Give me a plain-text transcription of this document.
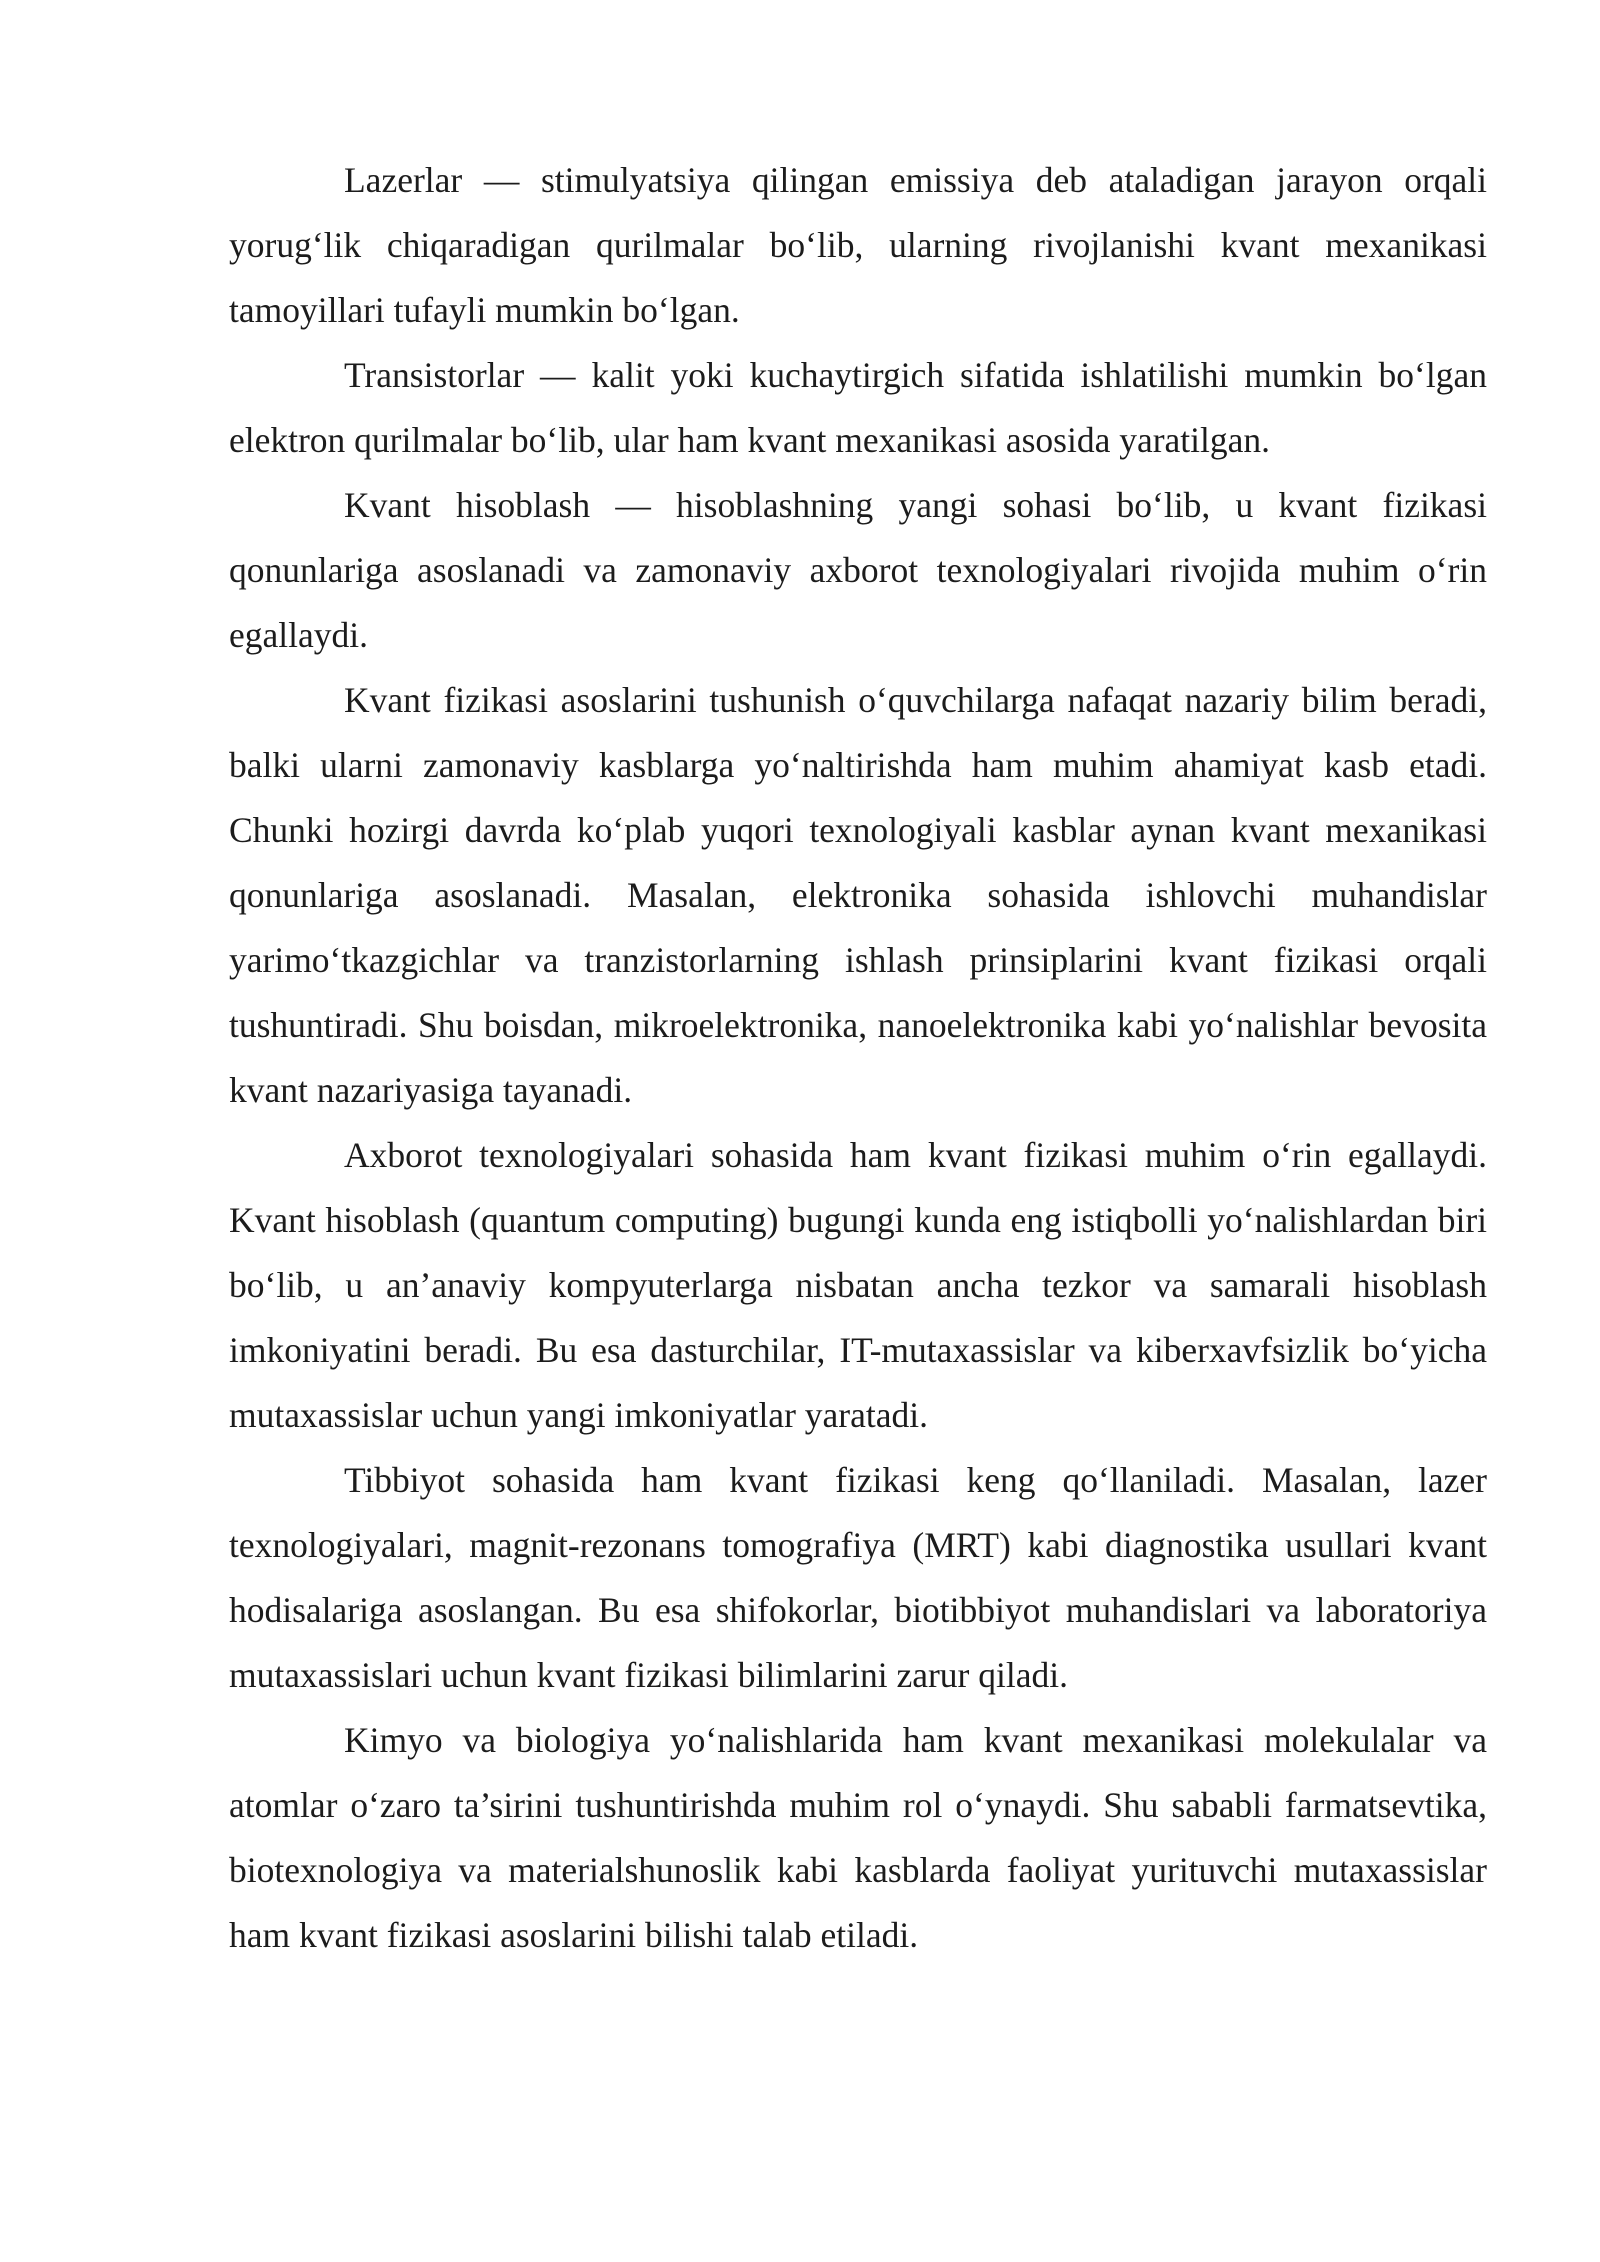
Lazerlar — stimulyatsiya qilingan emissiya deb ataladigan jarayon orqali yorug‘lik chiqaradigan qurilmalar bo‘lib, ularning rivojlanishi kvant mexanikasi tamoyillari tufayli mumkin bo‘lgan.

Transistorlar — kalit yoki kuchaytirgich sifatida ishlatilishi mumkin bo‘lgan elektron qurilmalar bo‘lib, ular ham kvant mexanikasi asosida yaratilgan.

Kvant hisoblash — hisoblashning yangi sohasi bo‘lib, u kvant fizikasi qonunlariga asoslanadi va zamonaviy axborot texnologiyalari rivojida muhim o‘rin egallaydi.

Kvant fizikasi asoslarini tushunish o‘quvchilarga nafaqat nazariy bilim beradi, balki ularni zamonaviy kasblarga yo‘naltirishda ham muhim ahamiyat kasb etadi. Chunki hozirgi davrda ko‘plab yuqori texnologiyali kasblar aynan kvant mexanikasi qonunlariga asoslanadi. Masalan, elektronika sohasida ishlovchi muhandislar yarimo‘tkazgichlar va tranzistorlarning ishlash prinsiplarini kvant fizikasi orqali tushuntiradi. Shu boisdan, mikroelektronika, nanoelektronika kabi yo‘nalishlar bevosita kvant nazariyasiga tayanadi.

Axborot texnologiyalari sohasida ham kvant fizikasi muhim o‘rin egallaydi. Kvant hisoblash (quantum computing) bugungi kunda eng istiqbolli yo‘nalishlardan biri bo‘lib, u an’anaviy kompyuterlarga nisbatan ancha tezkor va samarali hisoblash imkoniyatini beradi. Bu esa dasturchilar, IT-mutaxassislar va kiberxavfsizlik bo‘yicha mutaxassislar uchun yangi imkoniyatlar yaratadi.

Tibbiyot sohasida ham kvant fizikasi keng qo‘llaniladi. Masalan, lazer texnologiyalari, magnit-rezonans tomografiya (MRT) kabi diagnostika usullari kvant hodisalariga asoslangan. Bu esa shifokorlar, biotibbiyot muhandislari va laboratoriya mutaxassislari uchun kvant fizikasi bilimlarini zarur qiladi.

Kimyo va biologiya yo‘nalishlarida ham kvant mexanikasi molekulalar va atomlar o‘zaro ta’sirini tushuntirishda muhim rol o‘ynaydi. Shu sababli farmatsevtika, biotexnologiya va materialshunoslik kabi kasblarda faoliyat yurituvchi mutaxassislar ham kvant fizikasi asoslarini bilishi talab etiladi.
